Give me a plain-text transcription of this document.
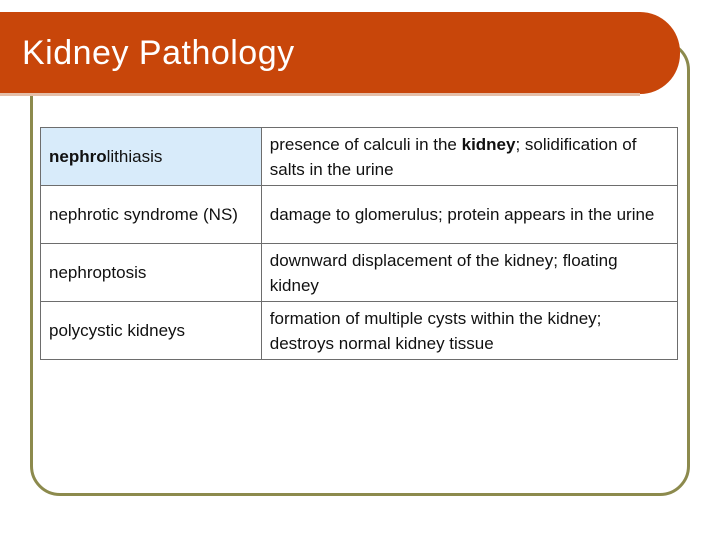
Kidney Pathology
nephrolithiasis	presence of calculi in the kidney; solidification of salts in the urine
nephrotic syndrome (NS)	damage to glomerulus; protein appears in the urine
nephroptosis	downward displacement of the kidney; floating kidney
polycystic kidneys	formation of multiple cysts within the kidney; destroys normal kidney tissue
